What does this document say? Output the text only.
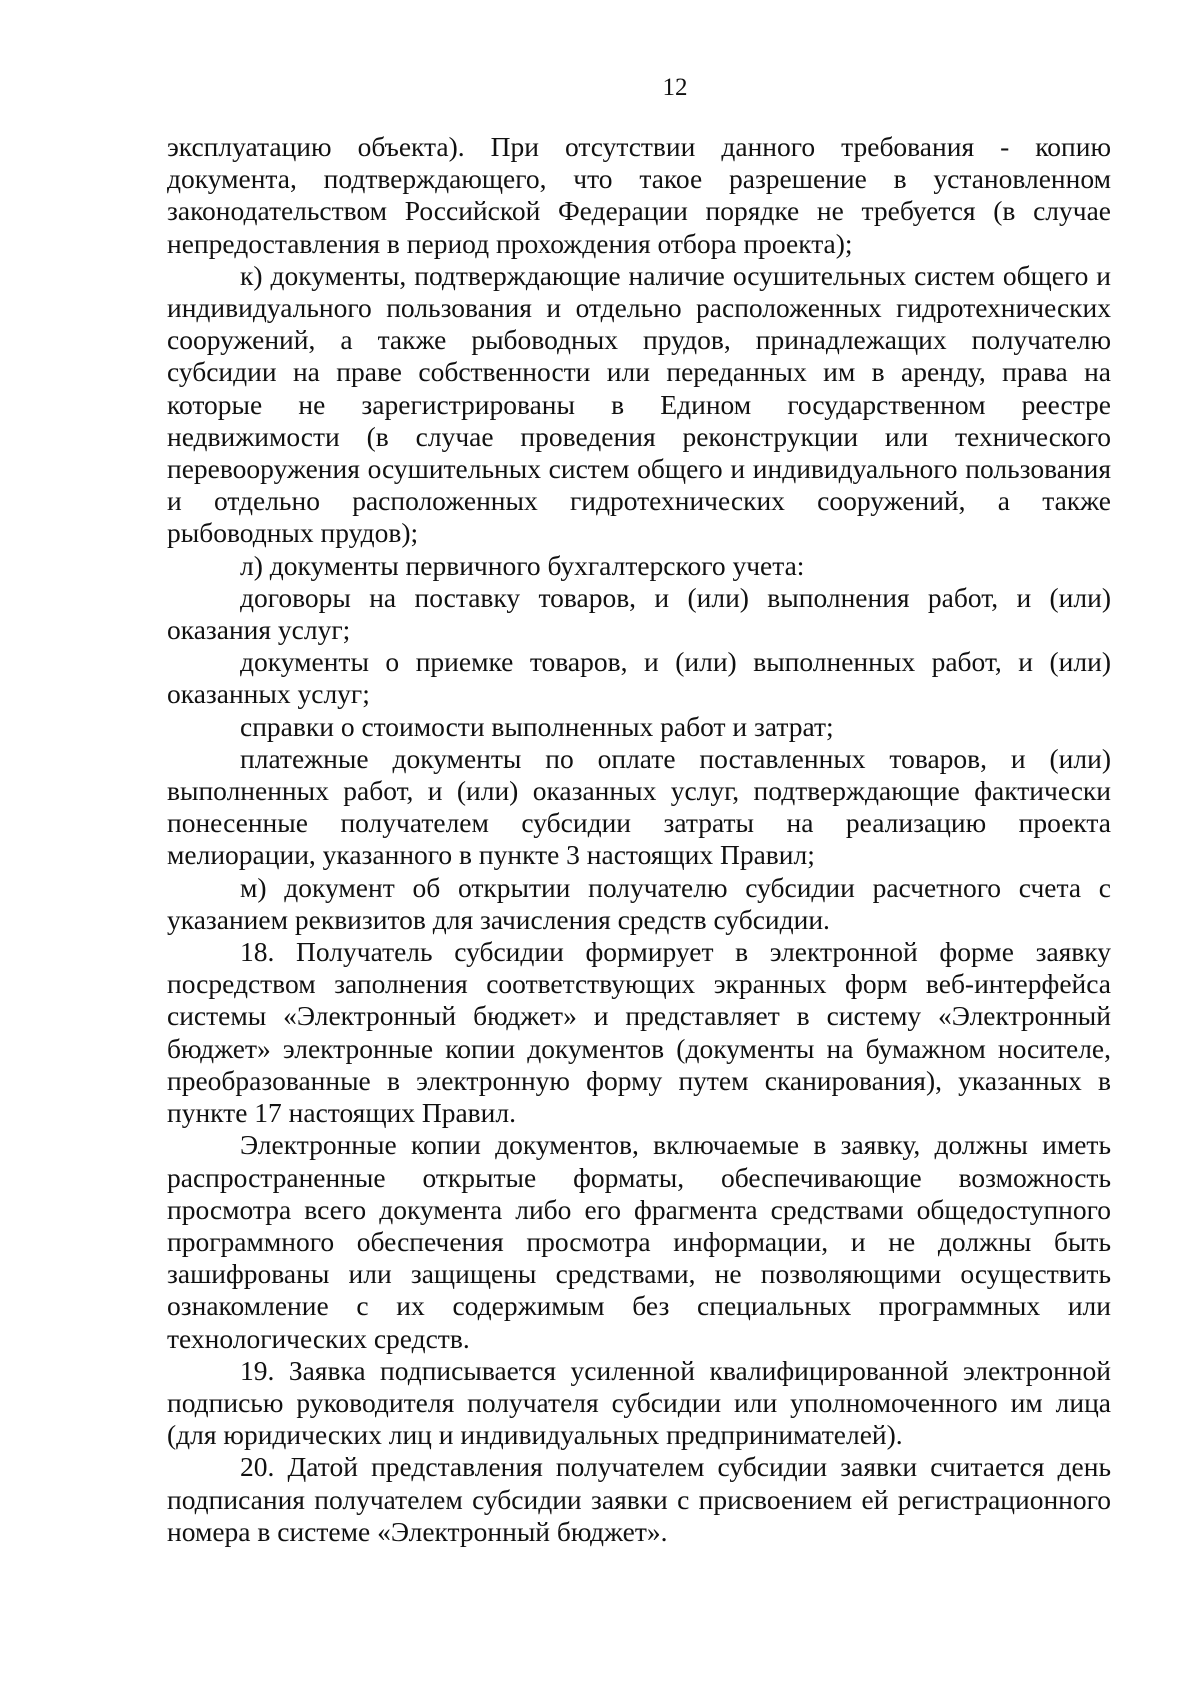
12

эксплуатацию объекта). При отсутствии данного требования - копию документа, подтверждающего, что такое разрешение в установленном законодательством Российской Федерации порядке не требуется (в случае непредоставления в период прохождения отбора проекта);

к) документы, подтверждающие наличие осушительных систем общего и индивидуального пользования и отдельно расположенных гидротехнических сооружений, а также рыбоводных прудов, принадлежащих получателю субсидии на праве собственности или переданных им в аренду, права на которые не зарегистрированы в Едином государственном реестре недвижимости (в случае проведения реконструкции или технического перевооружения осушительных систем общего и индивидуального пользования и отдельно расположенных гидротехнических сооружений, а также рыбоводных прудов);

л) документы первичного бухгалтерского учета:

договоры на поставку товаров, и (или) выполнения работ, и (или) оказания услуг;

документы о приемке товаров, и (или) выполненных работ, и (или) оказанных услуг;

справки о стоимости выполненных работ и затрат;

платежные документы по оплате поставленных товаров, и (или) выполненных работ, и (или) оказанных услуг, подтверждающие фактически понесенные получателем субсидии затраты на реализацию проекта мелиорации, указанного в пункте 3 настоящих Правил;

м) документ об открытии получателю субсидии расчетного счета с указанием реквизитов для зачисления средств субсидии.

18. Получатель субсидии формирует в электронной форме заявку посредством заполнения соответствующих экранных форм веб-интерфейса системы «Электронный бюджет» и представляет в систему «Электронный бюджет» электронные копии документов (документы на бумажном носителе, преобразованные в электронную форму путем сканирования), указанных в пункте 17 настоящих Правил.

Электронные копии документов, включаемые в заявку, должны иметь распространенные открытые форматы, обеспечивающие возможность просмотра всего документа либо его фрагмента средствами общедоступного программного обеспечения просмотра информации, и не должны быть зашифрованы или защищены средствами, не позволяющими осуществить ознакомление с их содержимым без специальных программных или технологических средств.

19. Заявка подписывается усиленной квалифицированной электронной подписью руководителя получателя субсидии или уполномоченного им лица (для юридических лиц и индивидуальных предпринимателей).

20. Датой представления получателем субсидии заявки считается день подписания получателем субсидии заявки с присвоением ей регистрационного номера в системе «Электронный бюджет».
